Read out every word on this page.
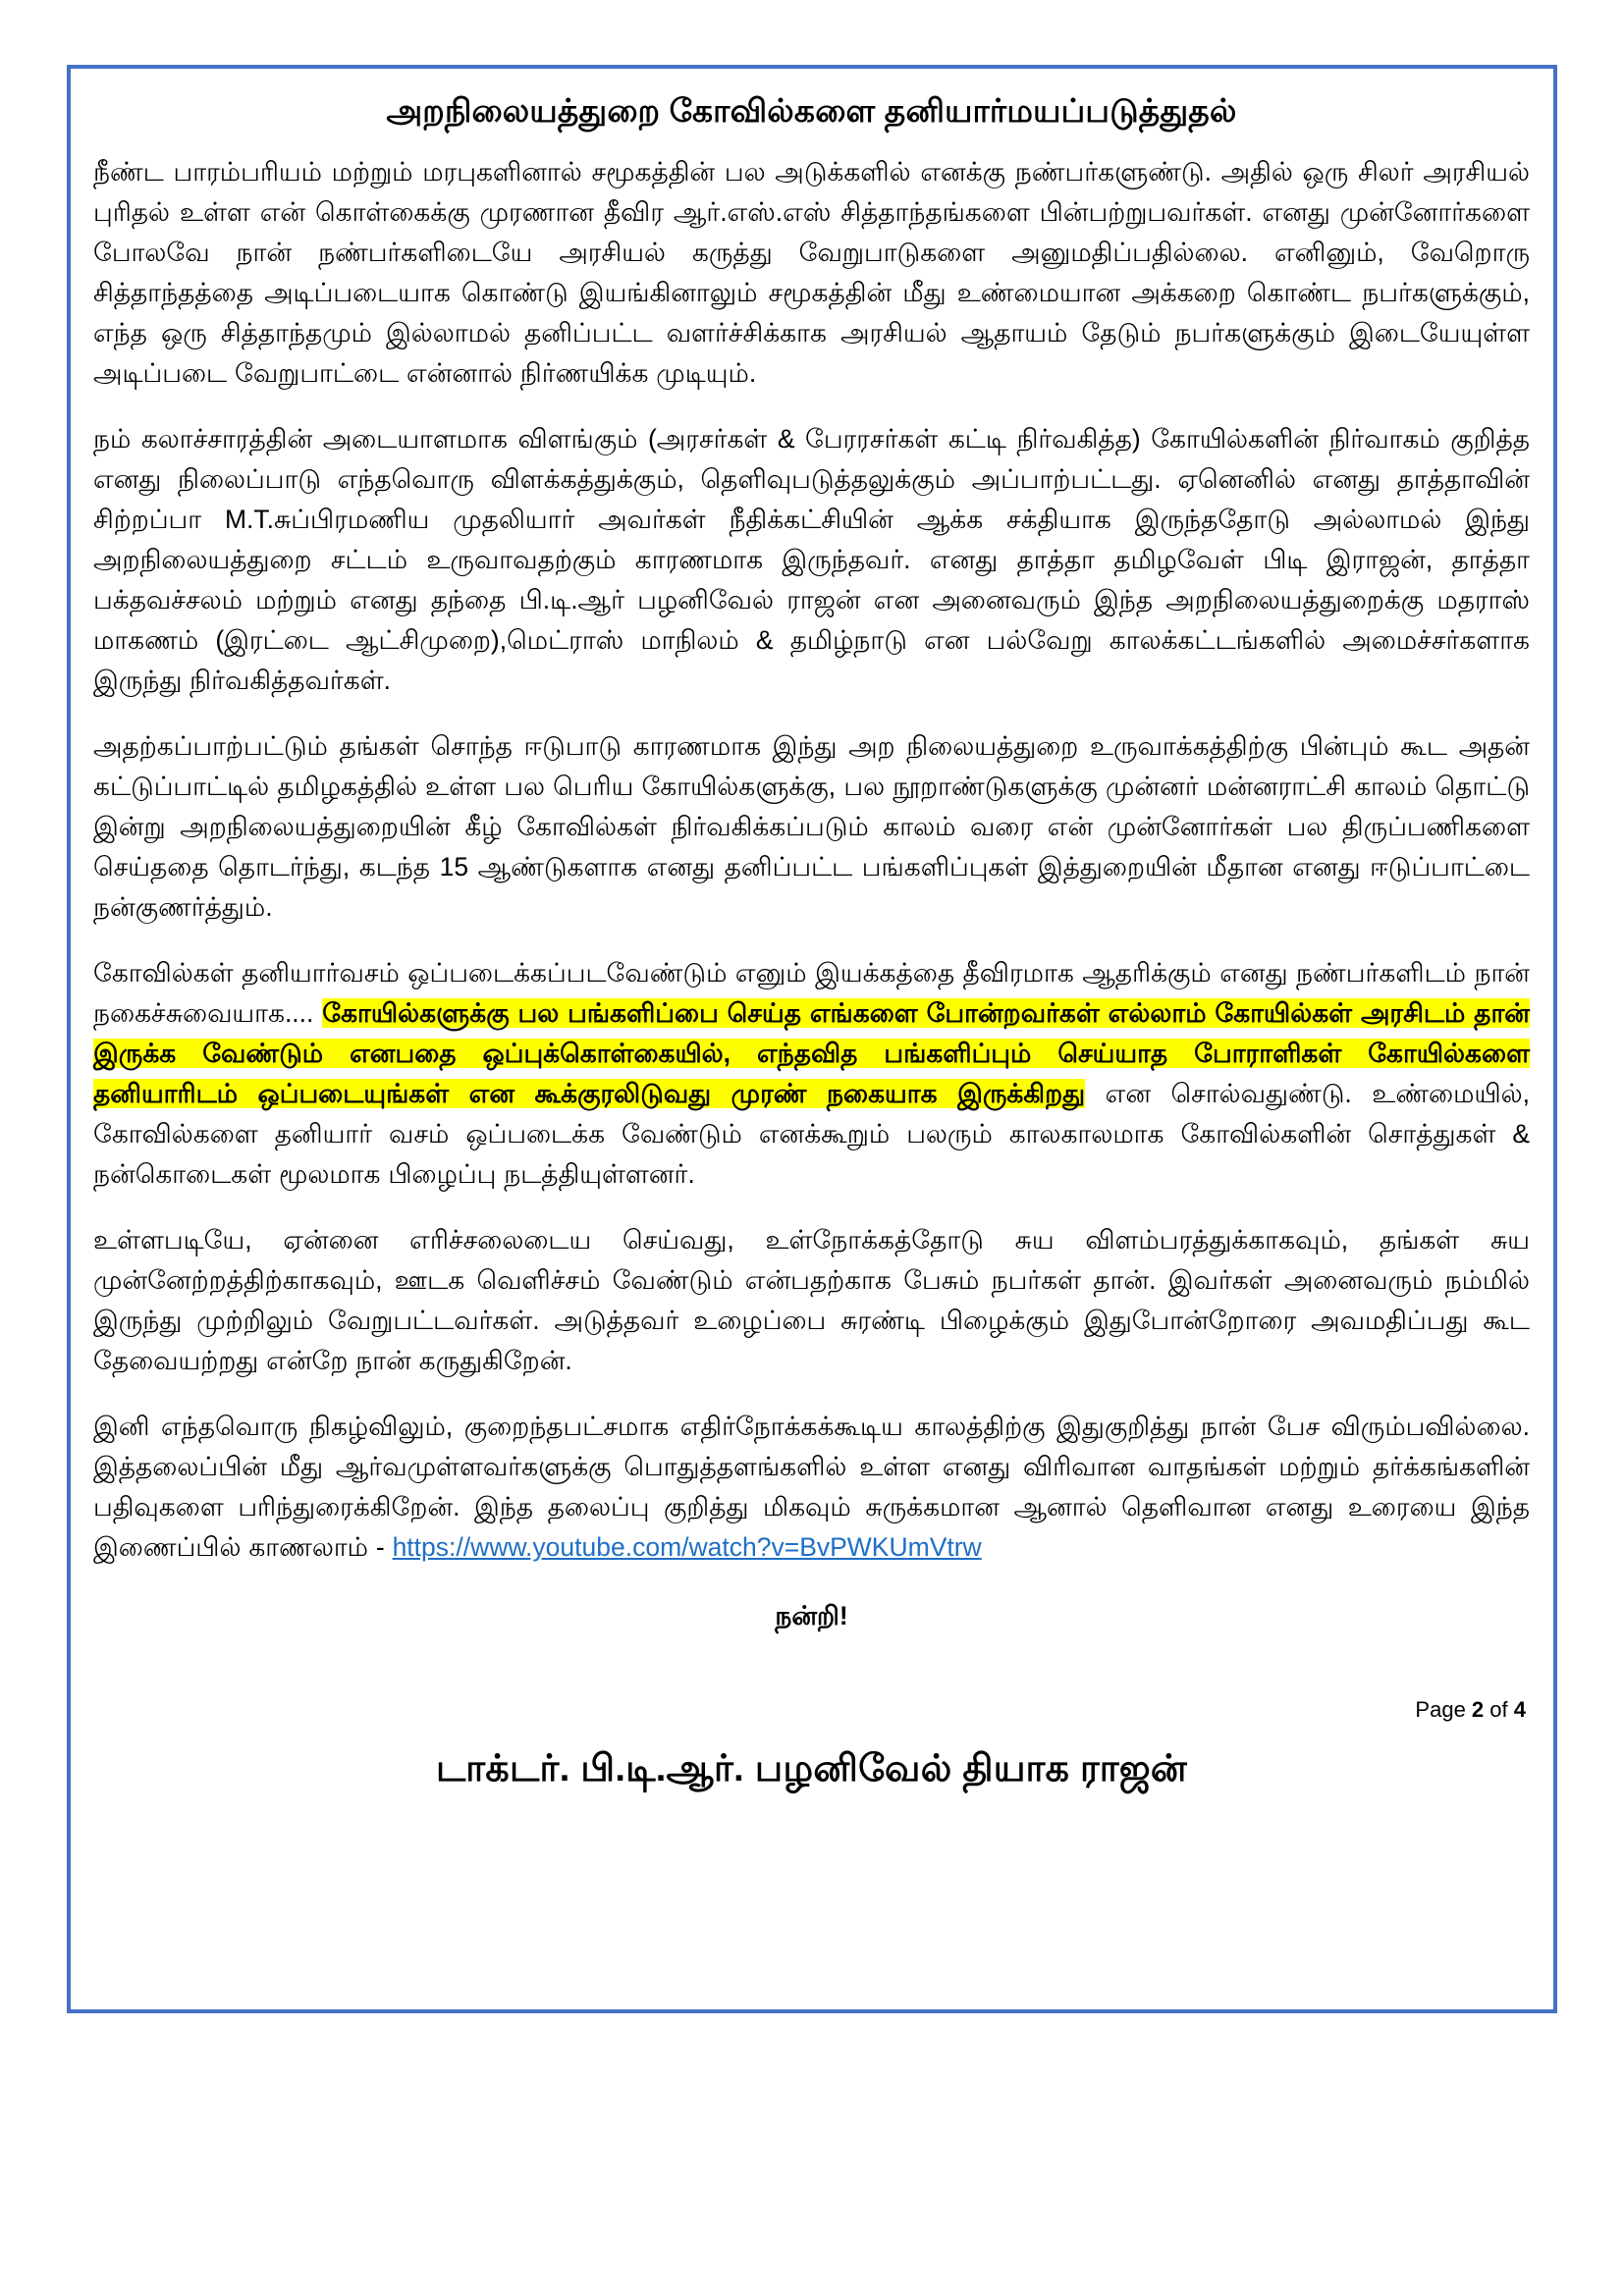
அறநிலையத்துறை கோவில்களை தனியார்மயப்படுத்துதல்

நீண்ட பாரம்பரியம் மற்றும் மரபுகளினால் சமூகத்தின் பல அடுக்களில் எனக்கு நண்பர்களுண்டு. அதில் ஒரு சிலர் அரசியல் புரிதல் உள்ள என் கொள்கைக்கு முரணான தீவிர ஆர்.எஸ்.எஸ் சித்தாந்தங்களை பின்பற்றுபவர்கள். எனது முன்னோர்களை போலவே நான் நண்பர்களிடையே அரசியல் கருத்து வேறுபாடுகளை அனுமதிப்பதில்லை. எனினும், வேறொரு சித்தாந்தத்தை அடிப்படையாக கொண்டு இயங்கினாலும் சமூகத்தின் மீது உண்மையான அக்கறை கொண்ட நபர்களுக்கும், எந்த ஒரு சித்தாந்தமும் இல்லாமல் தனிப்பட்ட வளர்ச்சிக்காக அரசியல் ஆதாயம் தேடும் நபர்களுக்கும் இடையேயுள்ள அடிப்படை வேறுபாட்டை என்னால் நிர்ணயிக்க முடியும்.

நம் கலாச்சாரத்தின் அடையாளமாக விளங்கும் (அரசர்கள் & பேரரசர்கள் கட்டி நிர்வகித்த) கோயில்களின் நிர்வாகம் குறித்த எனது நிலைப்பாடு எந்தவொரு விளக்கத்துக்கும், தெளிவுபடுத்தலுக்கும் அப்பாற்பட்டது. ஏனெனில் எனது தாத்தாவின் சிற்றப்பா M.T.சுப்பிரமணிய முதலியார் அவர்கள் நீதிக்கட்சியின் ஆக்க சக்தியாக இருந்ததோடு அல்லாமல் இந்து அறநிலையத்துறை சட்டம் உருவாவதற்கும் காரணமாக இருந்தவர். எனது தாத்தா தமிழவேள் பிடி இராஜன், தாத்தா பக்தவச்சலம் மற்றும் எனது தந்தை பி.டி.ஆர் பழனிவேல் ராஜன் என அனைவரும் இந்த அறநிலையத்துறைக்கு மதராஸ் மாகணம் (இரட்டை ஆட்சிமுறை),மெட்ராஸ் மாநிலம் & தமிழ்நாடு என பல்வேறு காலக்கட்டங்களில் அமைச்சர்களாக இருந்து நிர்வகித்தவர்கள்.

அதற்கப்பாற்பட்டும் தங்கள் சொந்த ஈடுபாடு காரணமாக இந்து அற நிலையத்துறை உருவாக்கத்திற்கு பின்பும் கூட அதன் கட்டுப்பாட்டில் தமிழகத்தில் உள்ள பல பெரிய கோயில்களுக்கு, பல நூறாண்டுகளுக்கு முன்னர் மன்னராட்சி காலம் தொட்டு இன்று அறநிலையத்துறையின் கீழ் கோவில்கள் நிர்வகிக்கப்படும் காலம் வரை என் முன்னோர்கள் பல திருப்பணிகளை செய்ததை தொடர்ந்து, கடந்த 15 ஆண்டுகளாக எனது தனிப்பட்ட பங்களிப்புகள் இத்துறையின் மீதான எனது ஈடுப்பாட்டை நன்குணர்த்தும்.

கோவில்கள் தனியார்வசம் ஒப்படைக்கப்படவேண்டும் எனும் இயக்கத்தை தீவிரமாக ஆதரிக்கும் எனது நண்பர்களிடம் நான் நகைச்சுவையாக.... கோயில்களுக்கு பல பங்களிப்பை செய்த எங்களை போன்றவர்கள் எல்லாம் கோயில்கள் அரசிடம் தான் இருக்க வேண்டும் எனபதை ஒப்புக்கொள்கையில், எந்தவித பங்களிப்பும் செய்யாத போராளிகள் கோயில்களை தனியாரிடம் ஒப்படையுங்கள் என கூக்குரலிடுவது முரண் நகையாக இருக்கிறது என சொல்வதுண்டு. உண்மையில், கோவில்களை தனியார் வசம் ஒப்படைக்க வேண்டும் எனக்கூறும் பலரும் காலகாலமாக கோவில்களின் சொத்துகள் & நன்கொடைகள் மூலமாக பிழைப்பு நடத்தியுள்ளனர்.

உள்ளபடியே, ஏன்னை எரிச்சலைடைய செய்வது, உள்நோக்கத்தோடு சுய விளம்பரத்துக்காகவும், தங்கள் சுய முன்னேற்றத்திற்காகவும், ஊடக வெளிச்சம் வேண்டும் என்பதற்காக பேசும் நபர்கள் தான். இவர்கள் அனைவரும் நம்மில் இருந்து முற்றிலும் வேறுபட்டவர்கள். அடுத்தவர் உழைப்பை சுரண்டி பிழைக்கும் இதுபோன்றோரை அவமதிப்பது கூட தேவையற்றது என்றே நான் கருதுகிறேன்.

இனி எந்தவொரு நிகழ்விலும், குறைந்தபட்சமாக எதிர்நோக்கக்கூடிய காலத்திற்கு இதுகுறித்து நான் பேச விரும்பவில்லை. இத்தலைப்பின் மீது ஆர்வமுள்ளவர்களுக்கு பொதுத்தளங்களில் உள்ள எனது விரிவான வாதங்கள் மற்றும் தர்க்கங்களின் பதிவுகளை பரிந்துரைக்கிறேன். இந்த தலைப்பு குறித்து மிகவும் சுருக்கமான ஆனால் தெளிவான எனது உரையை இந்த இணைப்பில் காணலாம் - https://www.youtube.com/watch?v=BvPWKUmVtrw

நன்றி!

Page 2 of 4

டாக்டர். பி.டி.ஆர். பழனிவேல் தியாக ராஜன்
